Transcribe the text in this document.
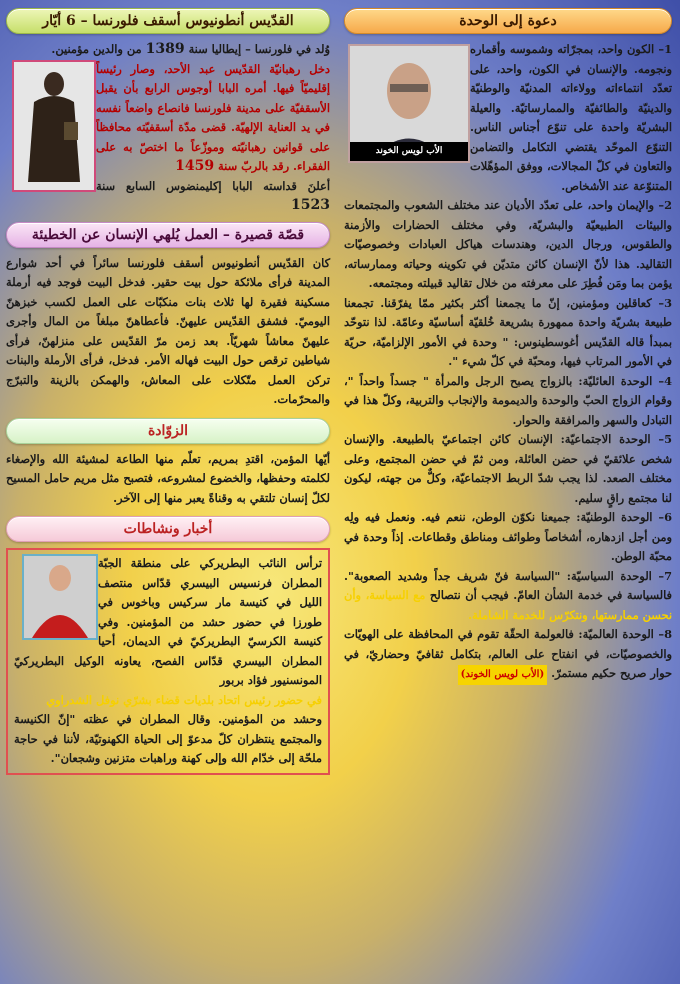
دعوة إلى الوحدة
الأب لويس الخوند

1– الكون واحد، بمجرّاته وشموسه وأقماره ونجومه. والإنسان في الكون، واحد، على تعدّد انتماءاته وولاءاته المدنيّة والوطنيّة والدينيّة والطائفيّة والممارساتيّة. والعيلة البشريّة واحدة على تنوّع أجناس الناس. التنوّع الموحّد يقتضي التكامل والتضامن والتعاون في كلّ المجالات، ووفق المؤهّلات المتنوّعة عند الأشخاص.

2– والإيمان واحد، على تعدّد الأديان عند مختلف الشعوب والمجتمعات والبيئات الطبيعيّة والبشريّة، وفي مختلف الحضارات والأزمنة والطقوس، ورجال الدين، وهندسات هياكل العبادات وخصوصيّات التقاليد. هذا لأنّ الإنسان كائن متديّن في تكوينه وحياته وممارساته، يؤمن بما ومَن فُطِرَ على معرفته من خلال تقاليد قبيلته ومجتمعه.

3– كعاقلين ومؤمنين، إنّ ما يجمعنا أكثر بكثير ممّا يفرّقنا. تجمعنا طبيعة بشريّة واحدة ممهورة بشريعة خُلقيّة أساسيّة وعامّة. لذا نتوحّد بمبدأ قاله القدّيس أغوسطينوس: " وحدة في الأمور الإلزاميّة، حريّة في الأمور المرتاب فيها، ومحبّة في كلّ شيء ".

4– الوحدة العائليّة: بالزواج يصبح الرجل والمرأة " جسداً واحداً "، وقوام الزواج الحبّ والوحدة والديمومة والإنجاب والتربية، وكلّ هذا في التبادل والسهر والمرافقة والحوار.

5– الوحدة الاجتماعيّة: الإنسان كائن اجتماعيّ بالطبيعة. والإنسان شخص علائقيّ في حضن العائلة، ومن ثمّ في حضن المجتمع، وعلى مختلف الصعد. لذا يجب شدّ الربط الاجتماعيّة، وكلٌّ من جهته، ليكون لنا مجتمع راقٍ سليم.

6– الوحدة الوطنيّة: جميعنا نكوّن الوطن، ننعم فيه. ونعمل فيه ولِه ومن أجل ازدهاره، أشخاصاً وطوائف ومناطق وقطاعات. إذاً وحدة في محبّة الوطن.

7– الوحدة السياسيّة: "السياسة فنّ شريف جداً وشديد الصعوبة". فالسياسة في خدمة الشأن العامّ. فيجب أن نتصالح مع السياسة، وأن نحسن ممارستها، ونتكرّس للخدمة الشاملة.

8– الوحدة العالميّة: فالعولمة الحقّة تقوم في المحافظة على الهويّات والخصوصيّات، في انفتاح على العالم، بتكامل ثقافيّ وحضاريّ، في حوار صريح حكيم مستمرّ. (الأب لويس الخوند)

القدّيس أنطونيوس أسقف فلورنسا – 6 أيّار

وُلد في فلورنسا – إيطاليا سنة 1389 من والدين مؤمنين.

دخل رهبانيّة القدّيس عبد الأحد، وصار رئيساً إقليميّاً فيها. أمره البابا أوجوس الرابع بأن يقبل الأسقفيّة على مدينة فلورنسا فانصاع واضعاً نفسه في يد العناية الإلهيّة. قضى مدّة أسقفيّته محافظاً على قوانين رهبانيّته وموزّعاً ما اختصّ به على الفقراء. رقد بالربّ سنة 1459

أعلنَ قداسته البابا إكليمنضوس السابع سنة 1523

قصّة قصيرة – العمل يُلهي الإنسان عن الخطيئة

كان القدّيس أنطونيوس أسقف فلورنسا سائراً في أحد شوارع المدينة فرأى ملائكة حول بيت حقير. فدخل البيت فوجد فيه أرملة مسكينة فقيرة لها ثلاث بنات منكبّات على العمل لكسب خبزهنّ اليوميّ. فشفق القدّيس عليهنّ. فأعطاهنّ مبلغاً من المال وأجرى عليهنّ معاشاً شهريّاً. بعد زمن مرّ القدّيس على منزلهنّ، فرأى شياطين ترقص حول البيت فهاله الأمر. فدخل، فرأى الأرملة والبنات تركن العمل متّكلات على المعاش، والهمكن بالزينة والتبرّج والمحرّمات.

الزوّادة

أيّها المؤمن، اقتدِ بمريم، تعلّم منها الطاعة لمشيئة الله والإصغاء لكلمته وحفظها، والخضوع لمشروعه، فتصبح مثل مريم حامل المسيح لكلّ إنسان تلتقي به وقناةً يعبر منها إلى الآخر.

أخبار ونشاطات

ترأس النائب البطريركي على منطقة الجبّة المطران فرنسيس البيسري قدّاس منتصف الليل في كنيسة مار سركيس وباخوس في طورزا في حضور حشد من المؤمنين. وفي كنيسة الكرسيّ البطريركيّ في الديمان، أحيا المطران البيسري قدّاس الفصح، يعاونه الوكيل البطريركيّ المونسنيور فؤاد بربور

في حضور رئيس اتحاد بلديات قضاء بشرّي نوفل الشدراوي

وحشد من المؤمنين. وقال المطران في عظته "إنّ الكنيسة والمجتمع ينتظران كلّ مدعوّ إلى الحياة الكهنوتيّة، لأننا في حاجة ملحّة إلى خدّام الله وإلى كهنة وراهبات متزنين وشجعان".
